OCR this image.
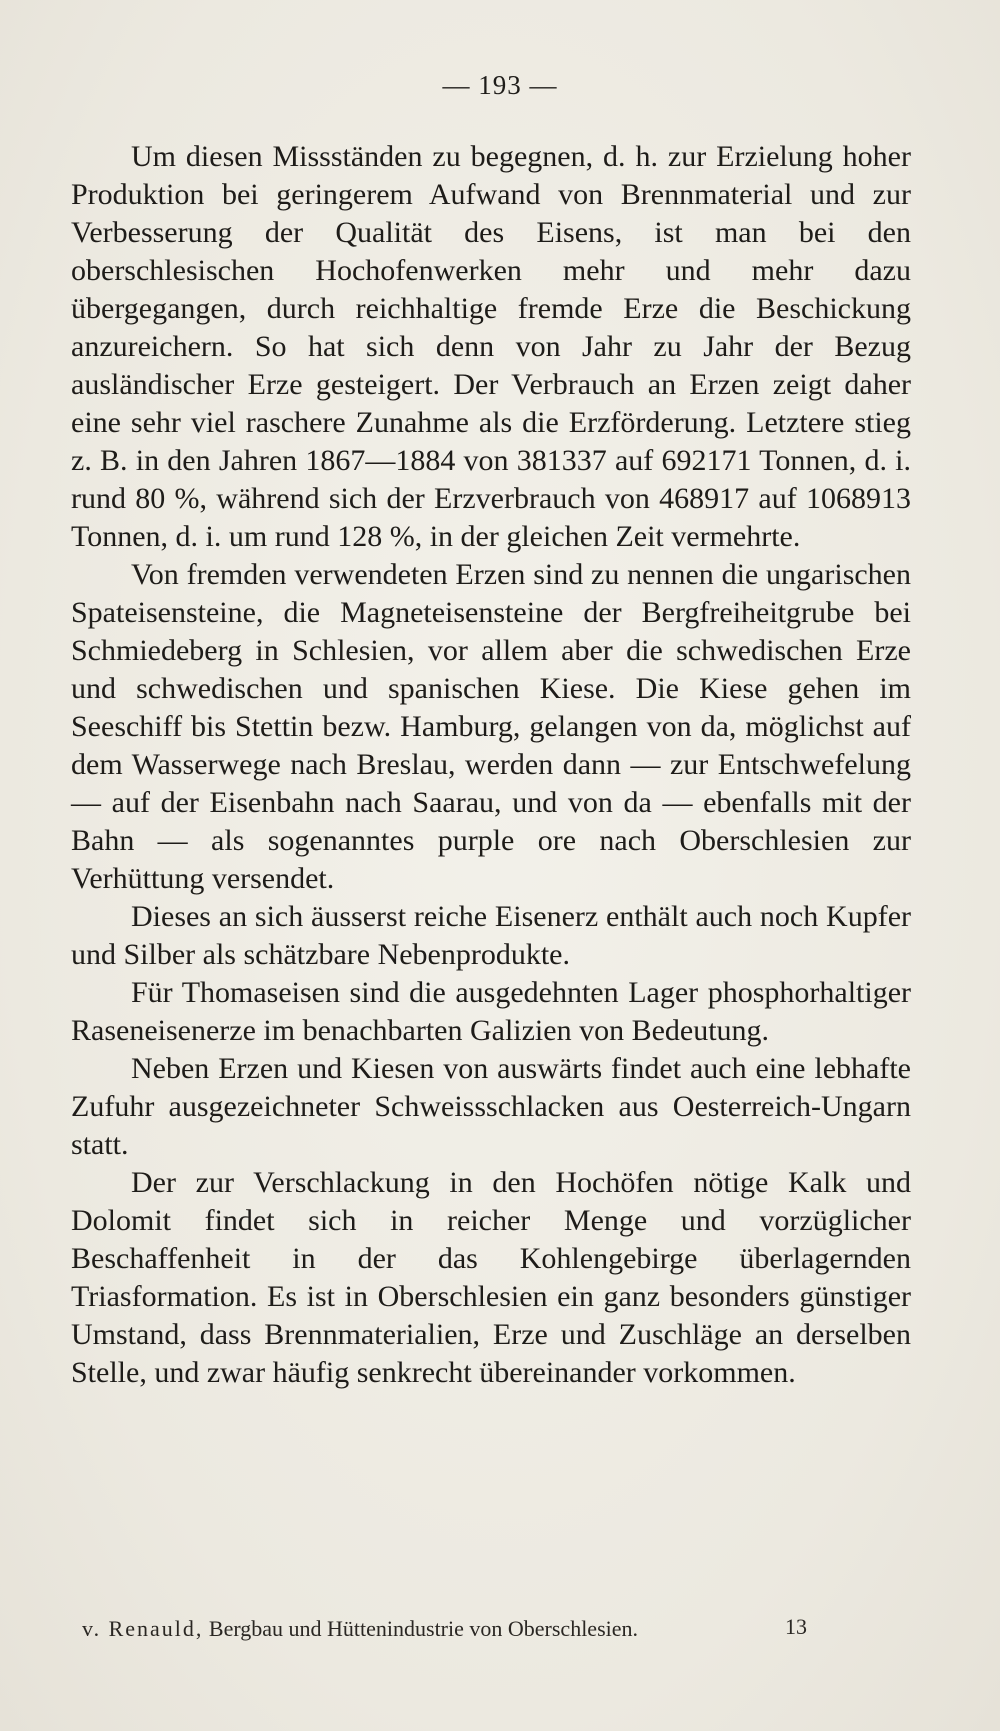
— 193 —

Um diesen Missständen zu begegnen, d. h. zur Erzielung hoher Produktion bei geringerem Aufwand von Brennmaterial und zur Verbesserung der Qualität des Eisens, ist man bei den oberschlesischen Hochofenwerken mehr und mehr dazu übergegangen, durch reichhaltige fremde Erze die Beschickung anzureichern. So hat sich denn von Jahr zu Jahr der Bezug ausländischer Erze gesteigert. Der Verbrauch an Erzen zeigt daher eine sehr viel raschere Zunahme als die Erzförderung. Letztere stieg z. B. in den Jahren 1867—1884 von 381337 auf 692171 Tonnen, d. i. rund 80 %, während sich der Erzverbrauch von 468917 auf 1068913 Tonnen, d. i. um rund 128 %, in der gleichen Zeit vermehrte.

Von fremden verwendeten Erzen sind zu nennen die ungarischen Spateisensteine, die Magneteisensteine der Bergfreiheitgrube bei Schmiedeberg in Schlesien, vor allem aber die schwedischen Erze und schwedischen und spanischen Kiese. Die Kiese gehen im Seeschiff bis Stettin bezw. Hamburg, gelangen von da, möglichst auf dem Wasserwege nach Breslau, werden dann — zur Entschwefelung — auf der Eisenbahn nach Saarau, und von da — ebenfalls mit der Bahn — als sogenanntes purple ore nach Oberschlesien zur Verhüttung versendet.

Dieses an sich äusserst reiche Eisenerz enthält auch noch Kupfer und Silber als schätzbare Nebenprodukte.

Für Thomaseisen sind die ausgedehnten Lager phosphorhaltiger Raseneisenerze im benachbarten Galizien von Bedeutung.

Neben Erzen und Kiesen von auswärts findet auch eine lebhafte Zufuhr ausgezeichneter Schweissschlacken aus Oesterreich-Ungarn statt.

Der zur Verschlackung in den Hochöfen nötige Kalk und Dolomit findet sich in reicher Menge und vorzüglicher Beschaffenheit in der das Kohlengebirge überlagernden Triasformation. Es ist in Oberschlesien ein ganz besonders günstiger Umstand, dass Brennmaterialien, Erze und Zuschläge an derselben Stelle, und zwar häufig senkrecht übereinander vorkommen.

v. Renauld, Bergbau und Hüttenindustrie von Oberschlesien.	13
